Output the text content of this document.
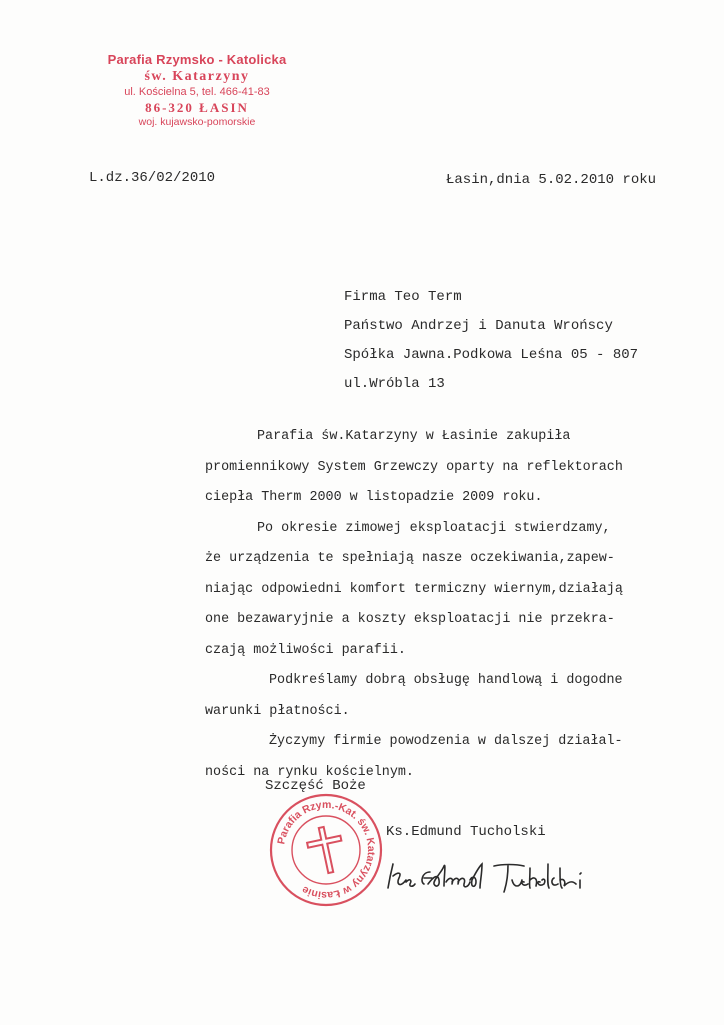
Parafia Rzymsko - Katolicka
św. Katarzyny
ul. Kościelna 5, tel. 466-41-83
86-320 ŁASIN
woj. kujawsko-pomorskie
L.dz.36/02/2010	Łasin,dnia 5.02.2010 roku
Firma Teo Term
Państwo Andrzej i Danuta Wrońscy
Spółka Jawna.Podkowa Leśna 05 - 807
ul.Wróbla 13
Parafia św.Katarzyny w Łasinie zakupiła
promiennikowy System Grzewczy oparty na reflektorach
ciepła Therm 2000 w listopadzie 2009 roku.
Po okresie zimowej eksploatacji stwierdzamy,
że urządzenia te spełniają nasze oczekiwania,zapew-
niając odpowiedni komfort termiczny wiernym,działają
one bezawaryjnie a koszty eksploatacji nie przekra-
czają możliwości parafii.
Podkreślamy dobrą obsługę handlową i dogodne
warunki płatności.
Życzymy firmie powodzenia w dalszej działal-
ności na rynku kościelnym.
Szczęść Boże
Parafia Rzym.-Kat. św. Katarzyny w Łasinie
Ks.Edmund Tucholski
